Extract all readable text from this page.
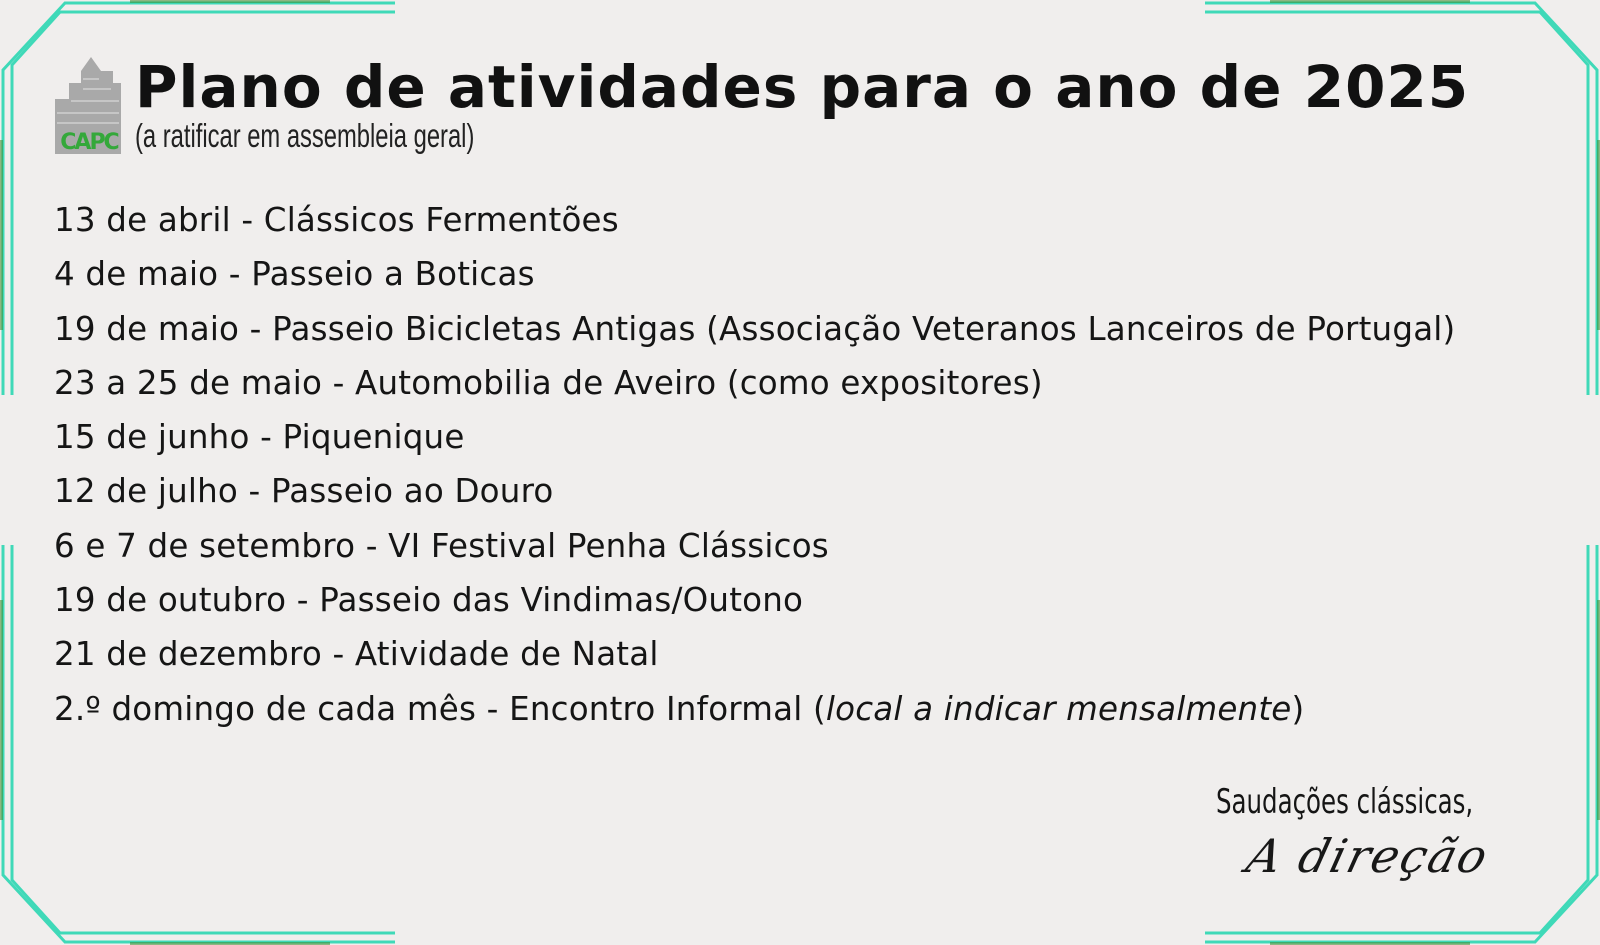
CAPC
Plano de atividades para o ano de 2025
(a ratificar em assembleia geral)
13 de abril - Clássicos Fermentões
4 de maio - Passeio a Boticas
19 de maio - Passeio Bicicletas Antigas (Associação Veteranos Lanceiros de Portugal)
23 a 25 de maio - Automobilia de Aveiro (como expositores)
15 de junho - Piquenique
12 de julho - Passeio ao Douro
6 e 7 de setembro - VI Festival Penha Clássicos
19 de outubro - Passeio das Vindimas/Outono
21 de dezembro - Atividade de Natal
2.º domingo de cada mês - Encontro Informal (local a indicar mensalmente)
Saudações clássicas,
A direção
